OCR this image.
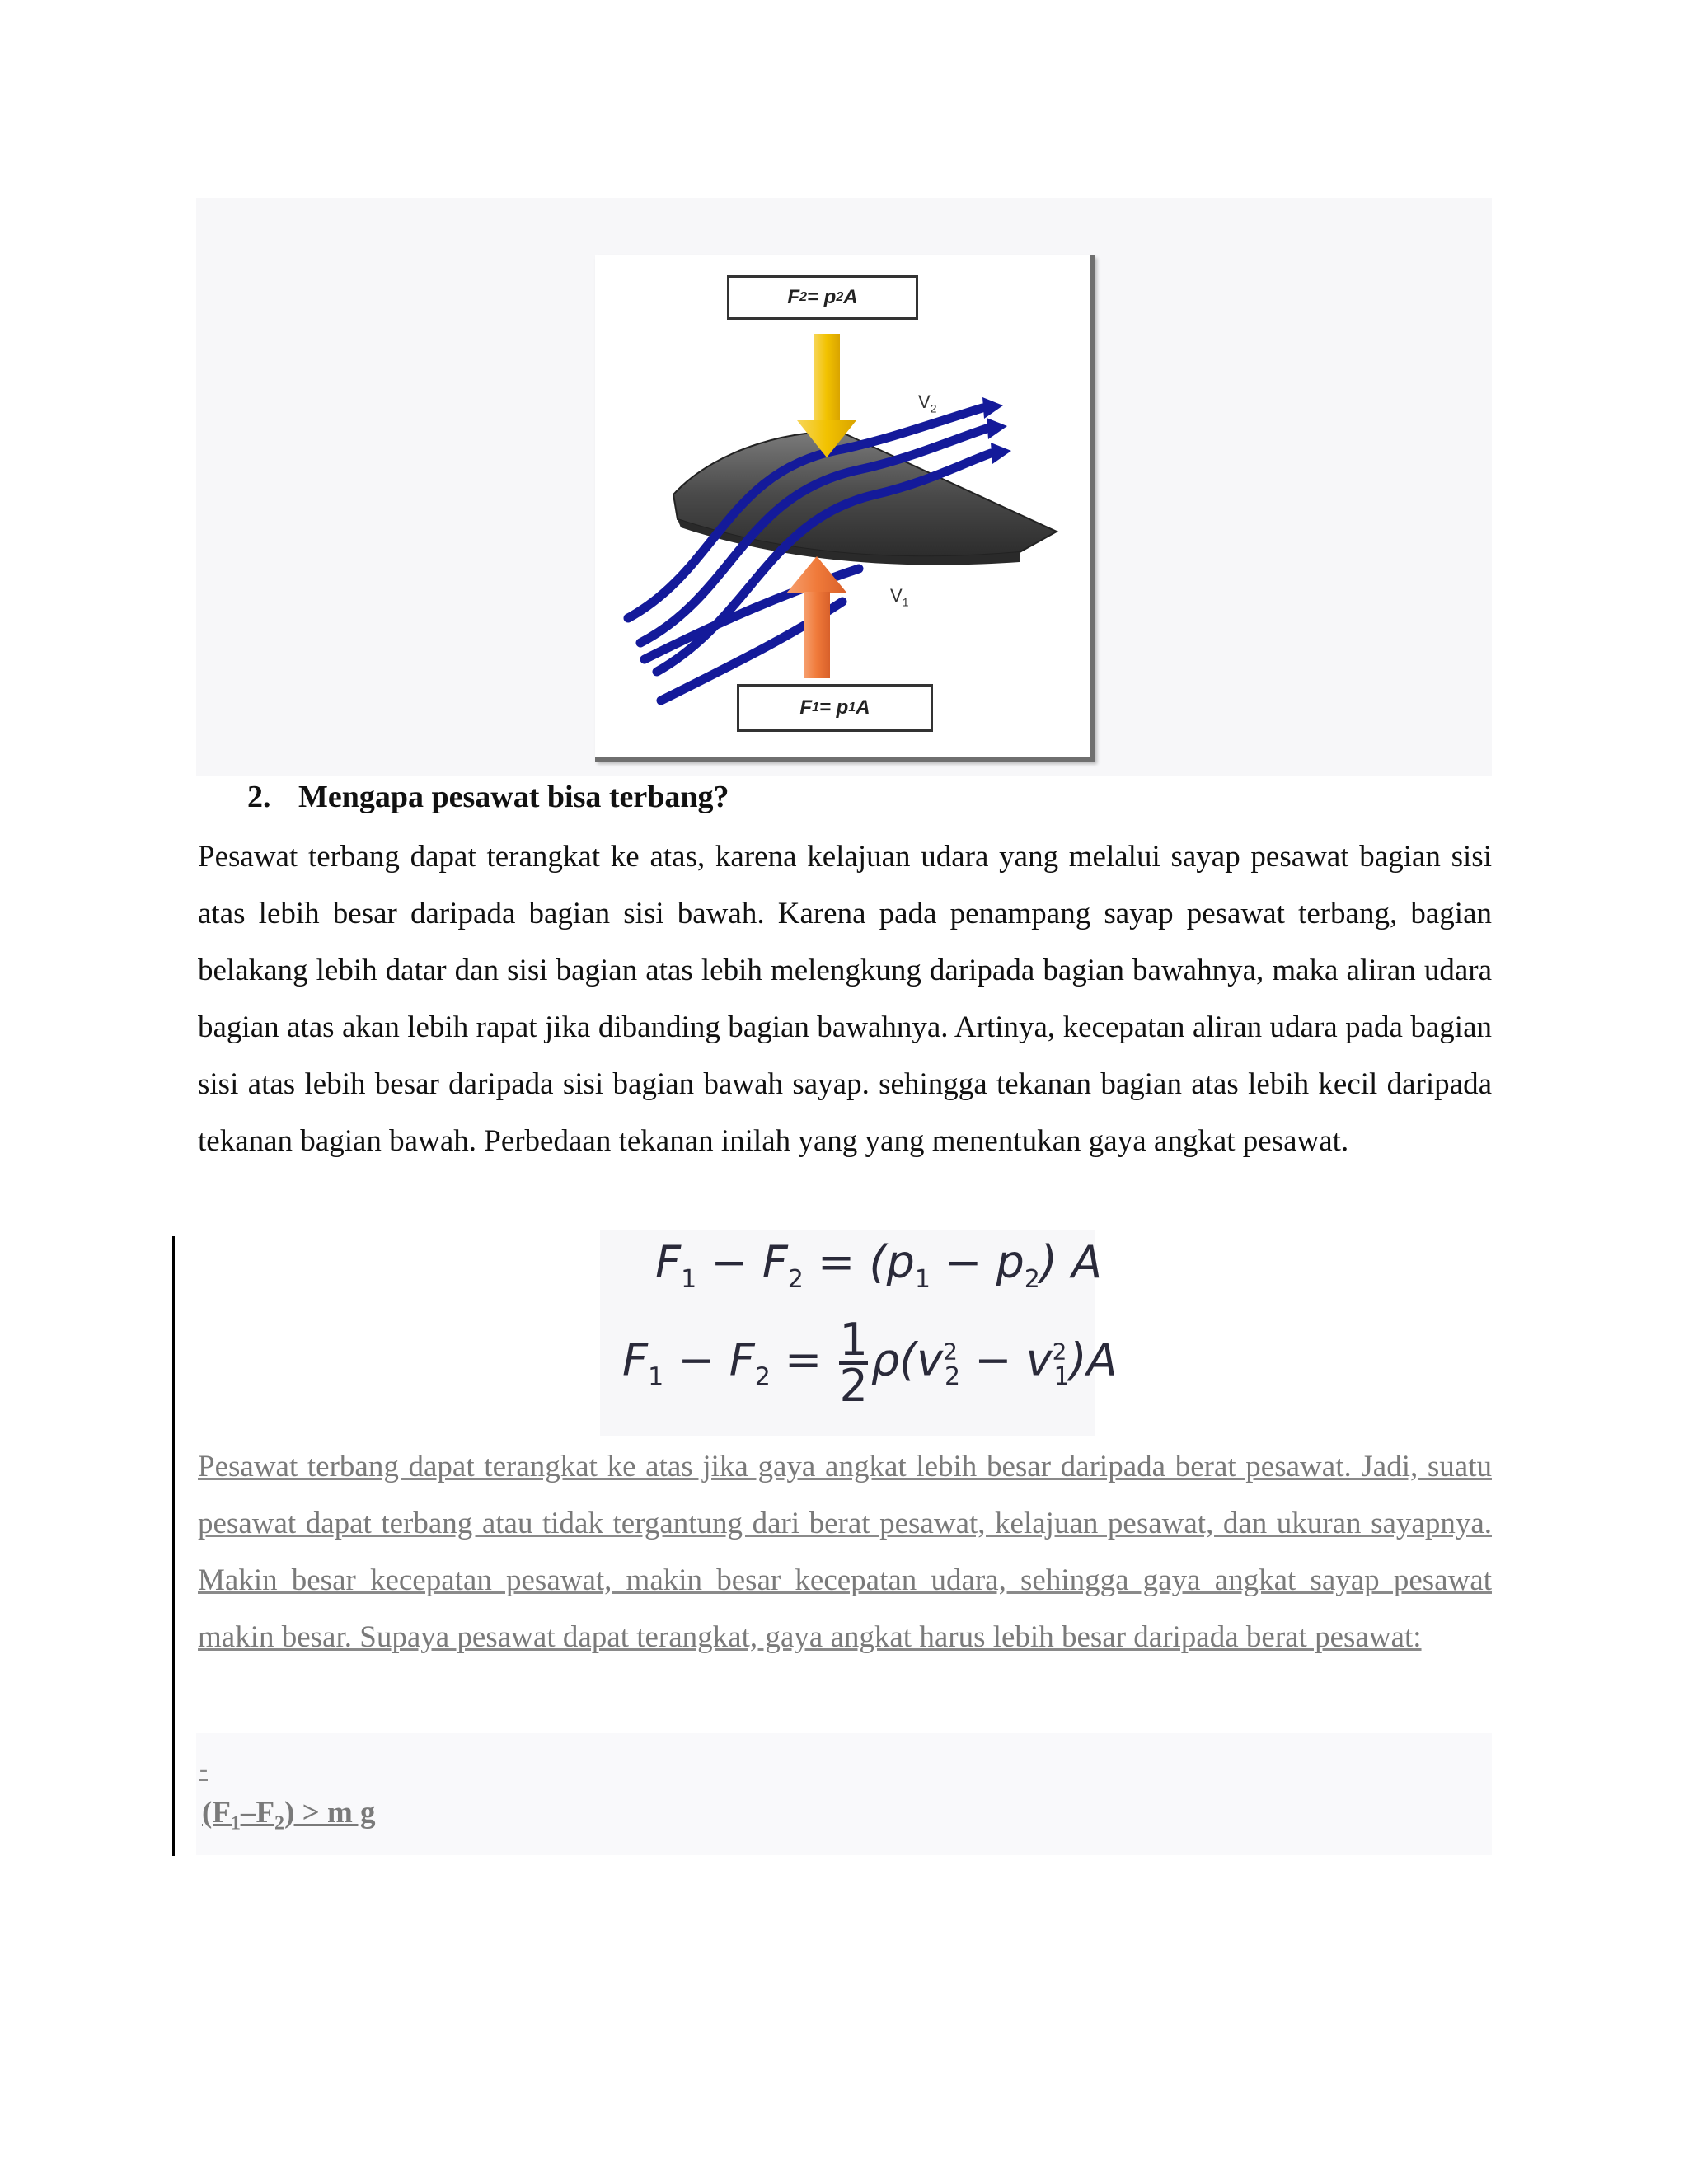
F 2 = p 2 A
F 1 = p 1 A
$V_2$
$V_1$
2. Mengapa pesawat bisa terbang?
Pesawat terbang dapat terangkat ke atas, karena kelajuan udara yang melalui sayap pesawat bagian sisi atas lebih besar daripada bagian sisi bawah. Karena pada penampang sayap pesawat terbang, bagian belakang lebih datar dan sisi bagian atas lebih melengkung daripada bagian bawahnya, maka aliran udara bagian atas akan lebih rapat jika dibanding bagian bawahnya. Artinya, kecepatan aliran udara pada bagian sisi atas lebih besar daripada sisi bagian bawah sayap. sehingga tekanan bagian atas lebih kecil daripada tekanan bagian bawah. Perbedaan tekanan inilah yang yang menentukan gaya angkat pesawat.
$F_1 - F_2 = (p_1 - p_2)$ A
$F_1 - F_2 = \frac{1}{2} \rho(v^2_2 - v^2_1)A$
Pesawat terbang dapat terangkat ke atas jika gaya angkat lebih besar daripada berat pesawat. Jadi, suatu pesawat dapat terbang atau tidak tergantung dari berat pesawat, kelajuan pesawat, dan ukuran sayapnya. Makin besar kecepatan pesawat, makin besar kecepatan udara, sehingga gaya angkat sayap pesawat makin besar. Supaya pesawat dapat terangkat, gaya angkat harus lebih besar daripada berat pesawat:
-
$(F_1-F_2) > m$ g
